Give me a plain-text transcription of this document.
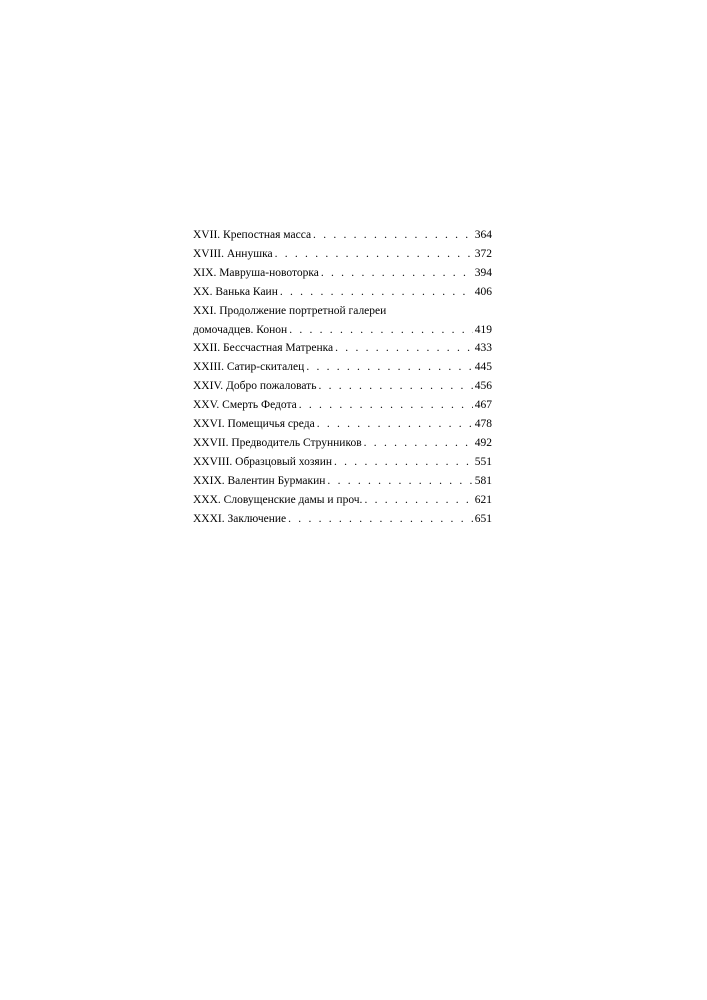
XVII. Крепостная масса . . .	364
XVIII. Аннушка . . .	372
XIX. Мавруша-новоторка . . .	394
XX. Ванька Каин . . .	406
XXI. Продолжение портретной галереи
домочадцев. Конон . . .	419
XXII. Бессчастная Матренка . . .	433
XXIII. Сатир-скиталец . . .	445
XXIV. Добро пожаловать . . .	456
XXV. Смерть Федота . . .	467
XXVI. Помещичья среда . . .	478
XXVII. Предводитель Струнников . . .	492
XXVIII. Образцовый хозяин . . .	551
XXIX. Валентин Бурмакин . . .	581
XXX. Словущенские дамы и проч. . . .	621
XXXI. Заключение . . .	651
